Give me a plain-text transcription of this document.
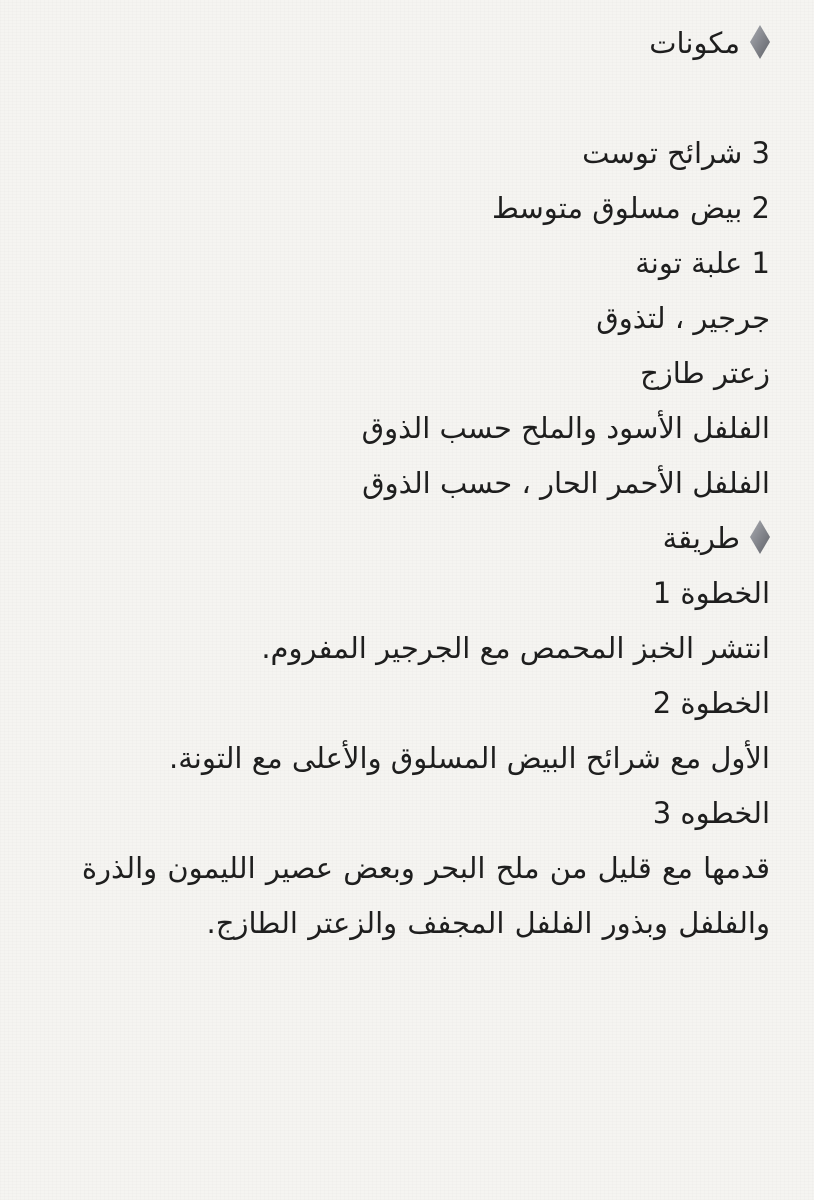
مكونات
3 شرائح توست
2 بيض مسلوق متوسط
1 علبة تونة
جرجير ، لتذوق
زعتر طازج
الفلفل الأسود والملح حسب الذوق
الفلفل الأحمر الحار ، حسب الذوق
طريقة
الخطوة 1
انتشر الخبز المحمص مع الجرجير المفروم.
الخطوة 2
الأول مع شرائح البيض المسلوق والأعلى مع التونة.
الخطوه 3
قدمها مع قليل من ملح البحر وبعض عصير الليمون والذرة والفلفل وبذور الفلفل المجفف والزعتر الطازج.
